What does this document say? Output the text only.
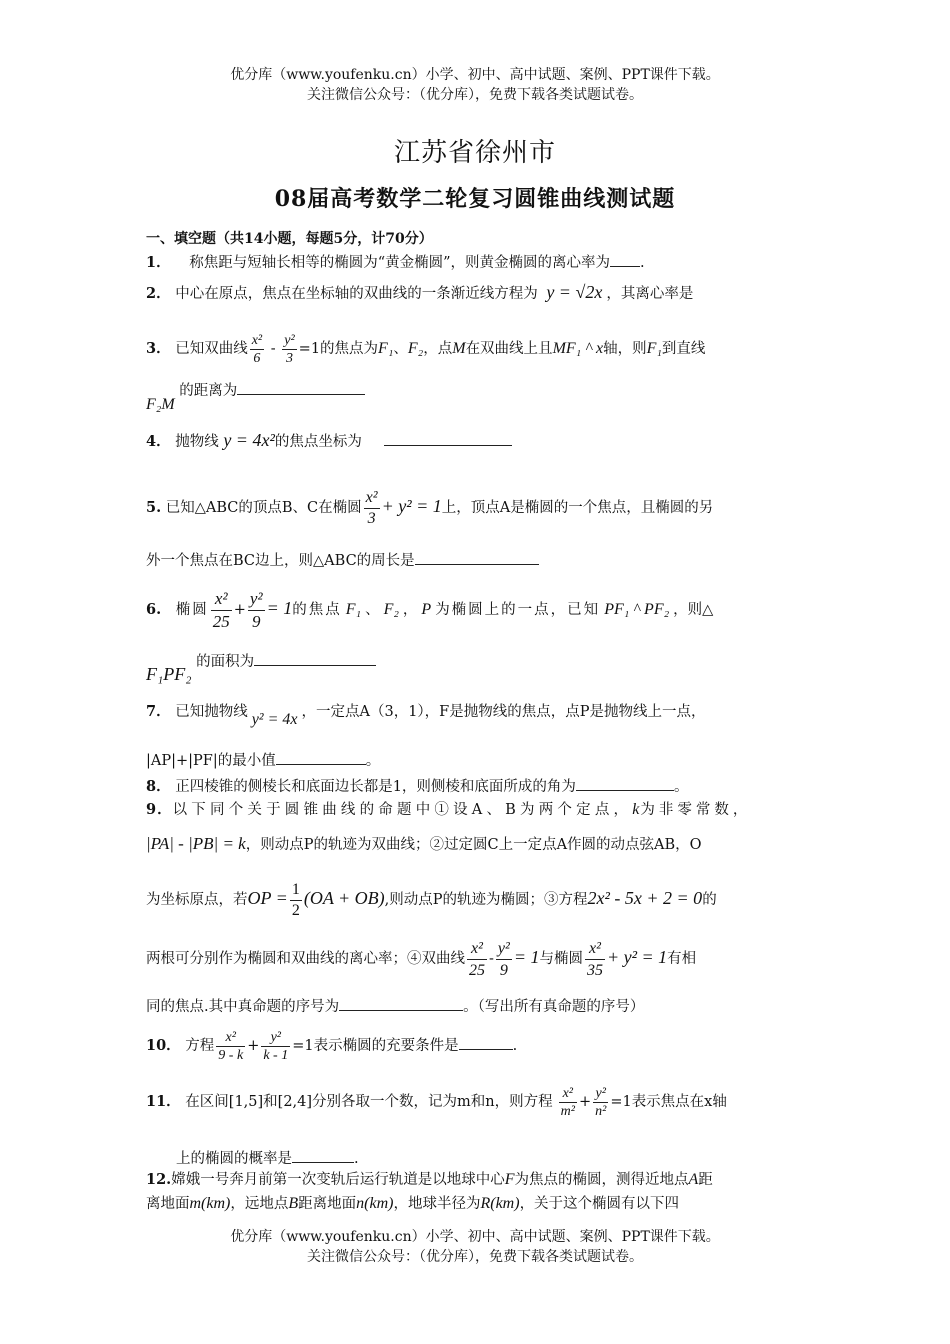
优分库（www.youfenku.cn）小学、初中、高中试题、案例、PPT课件下载。
关注微信公众号：（优分库），免费下载各类试题试卷。
江苏省徐州市
08届高考数学二轮复习圆锥曲线测试题
一、填空题（共14小题，每题5分，计70分）
1． 称焦距与短轴长相等的椭圆为“黄金椭圆”，则黄金椭圆的离心率为 .
2． 中心在原点，焦点在坐标轴的双曲线的一条渐近线方程为 y = √2x ，其离心率是
3． 已知双曲线 $\frac{\text{x²}}{6} - \frac{\text{y²}}{3} =1$的焦点为F₁、F₂，点M在双曲线上且MF₁ ^ x轴，则F₁到直线
F₂M 的距离为
4． 抛物线 y = 4x²的焦点坐标为
5. 已知△ABC的顶点B、C在椭圆 $\frac{\text{x²}}{3} + y^2 = 1$上，顶点A是椭圆的一个焦点，且椭圆的另
外一个焦点在BC边上，则△ABC的周长是
6. 椭圆 $\frac{\text{x²}}{25} + \frac{\text{y²}}{9} = 1$的焦点 F₁ 、 F₂ ， P 为椭圆上的一点，已知 PF₁ ^ PF₂ ，则△
F₁PF₂ 的面积为
7． 已知抛物线 y² = 4x ，一定点A（3，1），F是抛物线的焦点，点P是抛物线上一点，
|AP|+|PF|的最小值	。
8． 正四棱锥的侧棱长和底面边长都是1，则侧棱和底面所成的角为	。
9．以下同个关于圆锥曲线的命题中①设A、B为两个定点，k为非零常数，
|PA| - |PB| = k，则动点P的轨迹为双曲线；②过定圆C上一定点A作圆的动点弦AB，O
为坐标原点，若OP = $\frac{1}{2} (OA + OB)$,则动点P的轨迹为椭圆；③方程2x² - 5x + 2 = 0的
两根可分别作为椭圆和双曲线的离心率；④双曲线 $\frac{\text{x²}}{25} - \frac{\text{y²}}{9} = 1$与椭圆 $\frac{\text{x²}}{35} + y^2 = 1$有相
同的焦点.其中真命题的序号为	。（写出所有真命题的序号）
10． 方程 $\frac{\text{x²}}{9 - k} + \frac{\text{y²}}{k - 1} =1$表示椭圆的充要条件是	.
11． 在区间[1,5]和[2,4]分别各取一个数，记为m和n，则方程 $\frac{\text{x²}}{\text{m²}} + \frac{\text{y²}}{\text{n²}} =1$表示焦点在x轴
上的椭圆的概率是	.
12.嫦娥一号奔月前第一次变轨后运行轨道是以地球中心F为焦点的椭圆，测得近地点A距
离地面m(km)，远地点B距离地面n(km)，地球半径为R(km)，关于这个椭圆有以下四
优分库（www.youfenku.cn）小学、初中、高中试题、案例、PPT课件下载。
关注微信公众号：（优分库），免费下载各类试题试卷。
